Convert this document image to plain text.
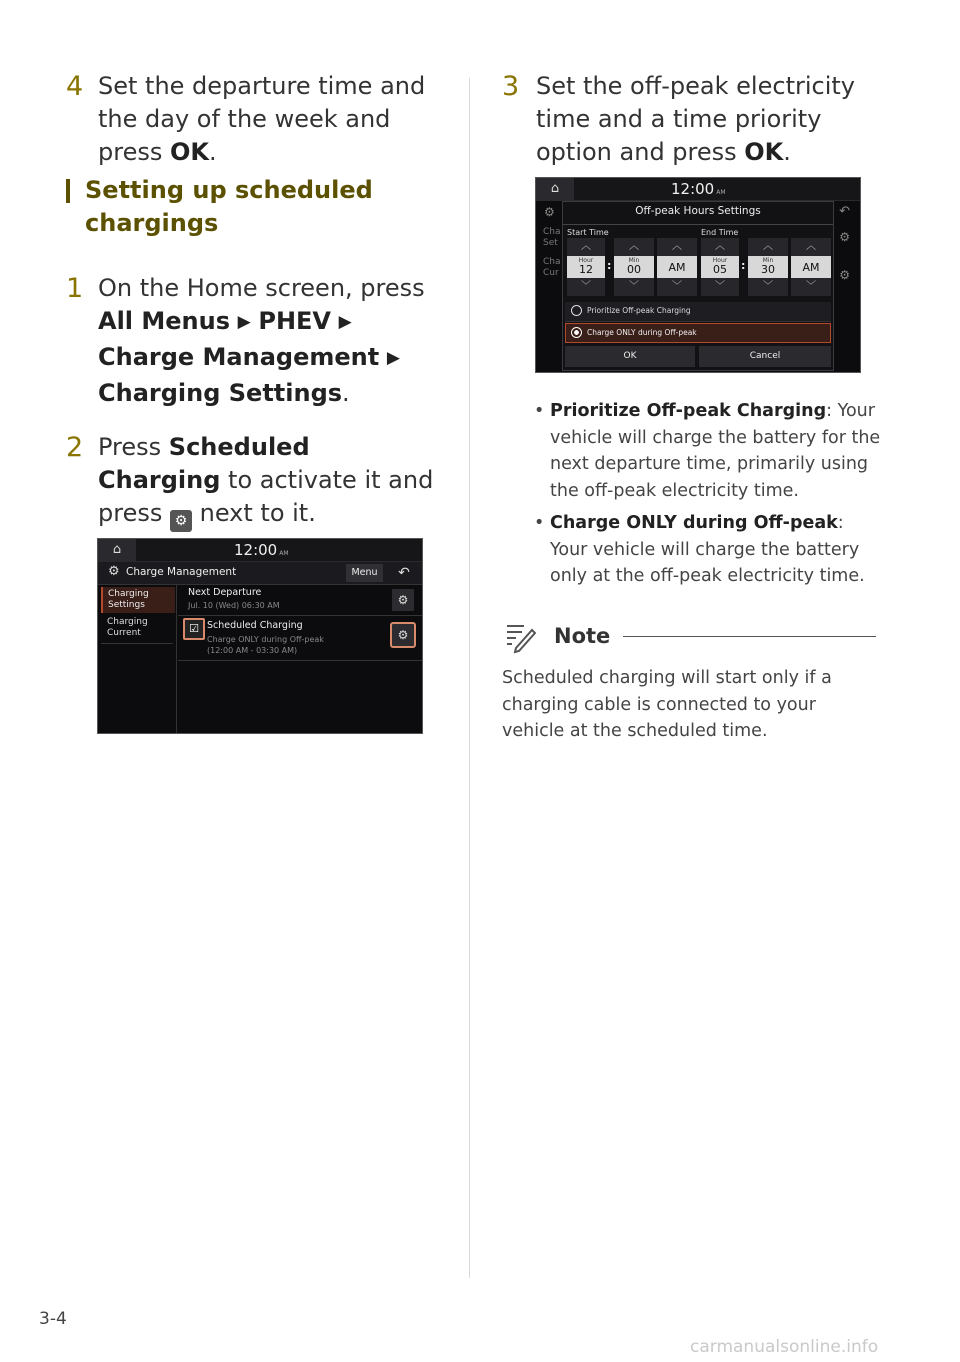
4 Set the departure time and the day of the week and press OK.
Setting up scheduled chargings
1 On the Home screen, press
All Menus ▶ PHEV ▶ Charge Management ▶ Charging Settings.
2 Press Scheduled Charging to activate it and press ⚙ next to it.
⌂	12:00 AM
⚙ Charge Management	Menu	↶
Charging Settings
Charging Current
Next Departure
Jul. 10 (Wed) 06:30 AM	⚙
☑ Scheduled Charging
Charge ONLY during Off-peak
(12:00 AM - 03:30 AM)
⚙
3 Set the off-peak electricity time and a time priority option and press OK.
⌂	12:00 AM
⚙
Cha
Set
Cha
Cur
↶
⚙
⚙
Off-peak Hours Settings
Start Time	End Time
︿
Hour
12
﹀
:
︿
Min
00
﹀
︿
AM
﹀
︿
Hour
05
﹀
:
︿
Min
30
﹀
︿
AM
﹀
Prioritize Off-peak Charging
Charge ONLY during Off-peak
OK	Cancel
• Prioritize Off-peak Charging: Your vehicle will charge the battery for the next departure time, primarily using the off-peak electricity time.
• Charge ONLY during Off-peak: Your vehicle will charge the battery only at the off-peak electricity time.
Note
Scheduled charging will start only if a charging cable is connected to your vehicle at the scheduled time.
3-4
carmanualsonline.info
